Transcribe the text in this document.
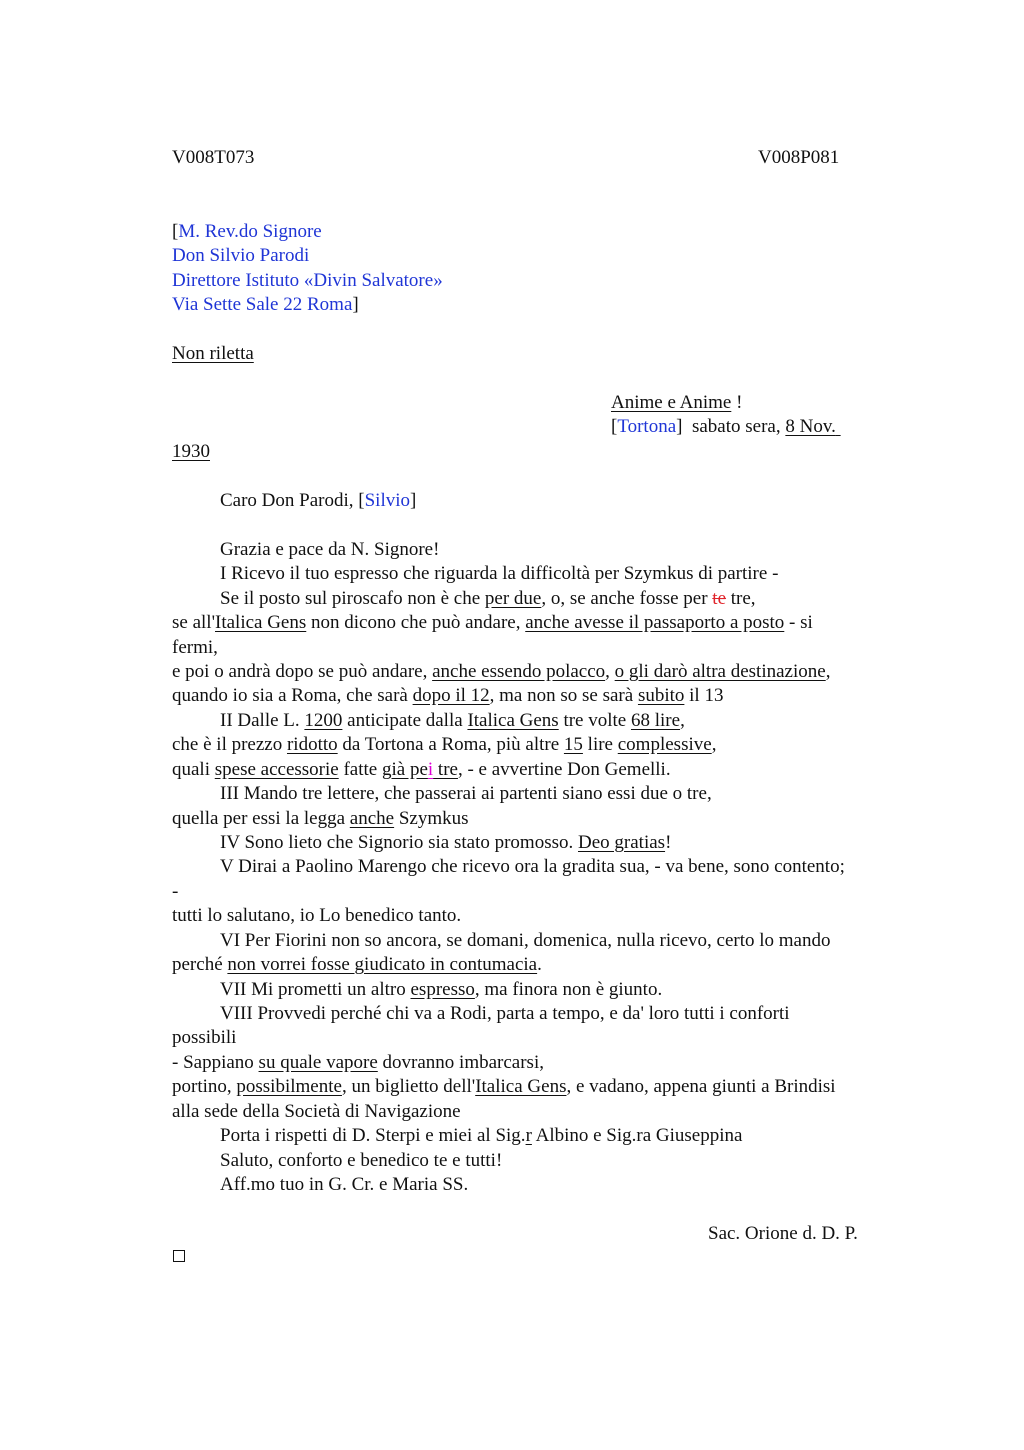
V008T073	V008P081
[M. Rev.do Signore
Don Silvio Parodi
Direttore Istituto «Divin Salvatore»
Via Sette Sale 22 Roma]
Non riletta
Anime e Anime !
[Tortona]  sabato sera, 8 Nov.
1930
Caro Don Parodi, [Silvio]
Grazia e pace da N. Signore!
I Ricevo il tuo espresso che riguarda la difficoltà per Szymkus di partire -
Se il posto sul piroscafo non è che per due, o, se anche fosse per te tre,
se all'Italica Gens non dicono che può andare, anche avesse il passaporto a posto - si
fermi,
e poi o andrà dopo se può andare, anche essendo polacco, o gli darò altra destinazione,
quando io sia a Roma, che sarà dopo il 12, ma non so se sarà subito il 13
II Dalle L. 1200 anticipate dalla Italica Gens tre volte 68 lire,
che è il prezzo ridotto da Tortona a Roma, più altre 15 lire complessive,
quali spese accessorie fatte già pei tre, - e avvertine Don Gemelli.
III Mando tre lettere, che passerai ai partenti siano essi due o tre,
quella per essi la legga anche Szymkus
IV Sono lieto che Signorio sia stato promosso. Deo gratias!
V Dirai a Paolino Marengo che ricevo ora la gradita sua, - va bene, sono contento;
-
tutti lo salutano, io Lo benedico tanto.
VI Per Fiorini non so ancora, se domani, domenica, nulla ricevo, certo lo mando
perché non vorrei fosse giudicato in contumacia.
VII Mi prometti un altro espresso, ma finora non è giunto.
VIII Provvedi perché chi va a Rodi, parta a tempo, e da' loro tutti i conforti
possibili
- Sappiano su quale vapore dovranno imbarcarsi,
portino, possibilmente, un biglietto dell'Italica Gens, e vadano, appena giunti a Brindisi
alla sede della Società di Navigazione
Porta i rispetti di D. Sterpi e miei al Sig.r Albino e Sig.ra Giuseppina
Saluto, conforto e benedico te e tutti!
Aff.mo tuo in G. Cr. e Maria SS.
Sac. Orione d. D. P.
